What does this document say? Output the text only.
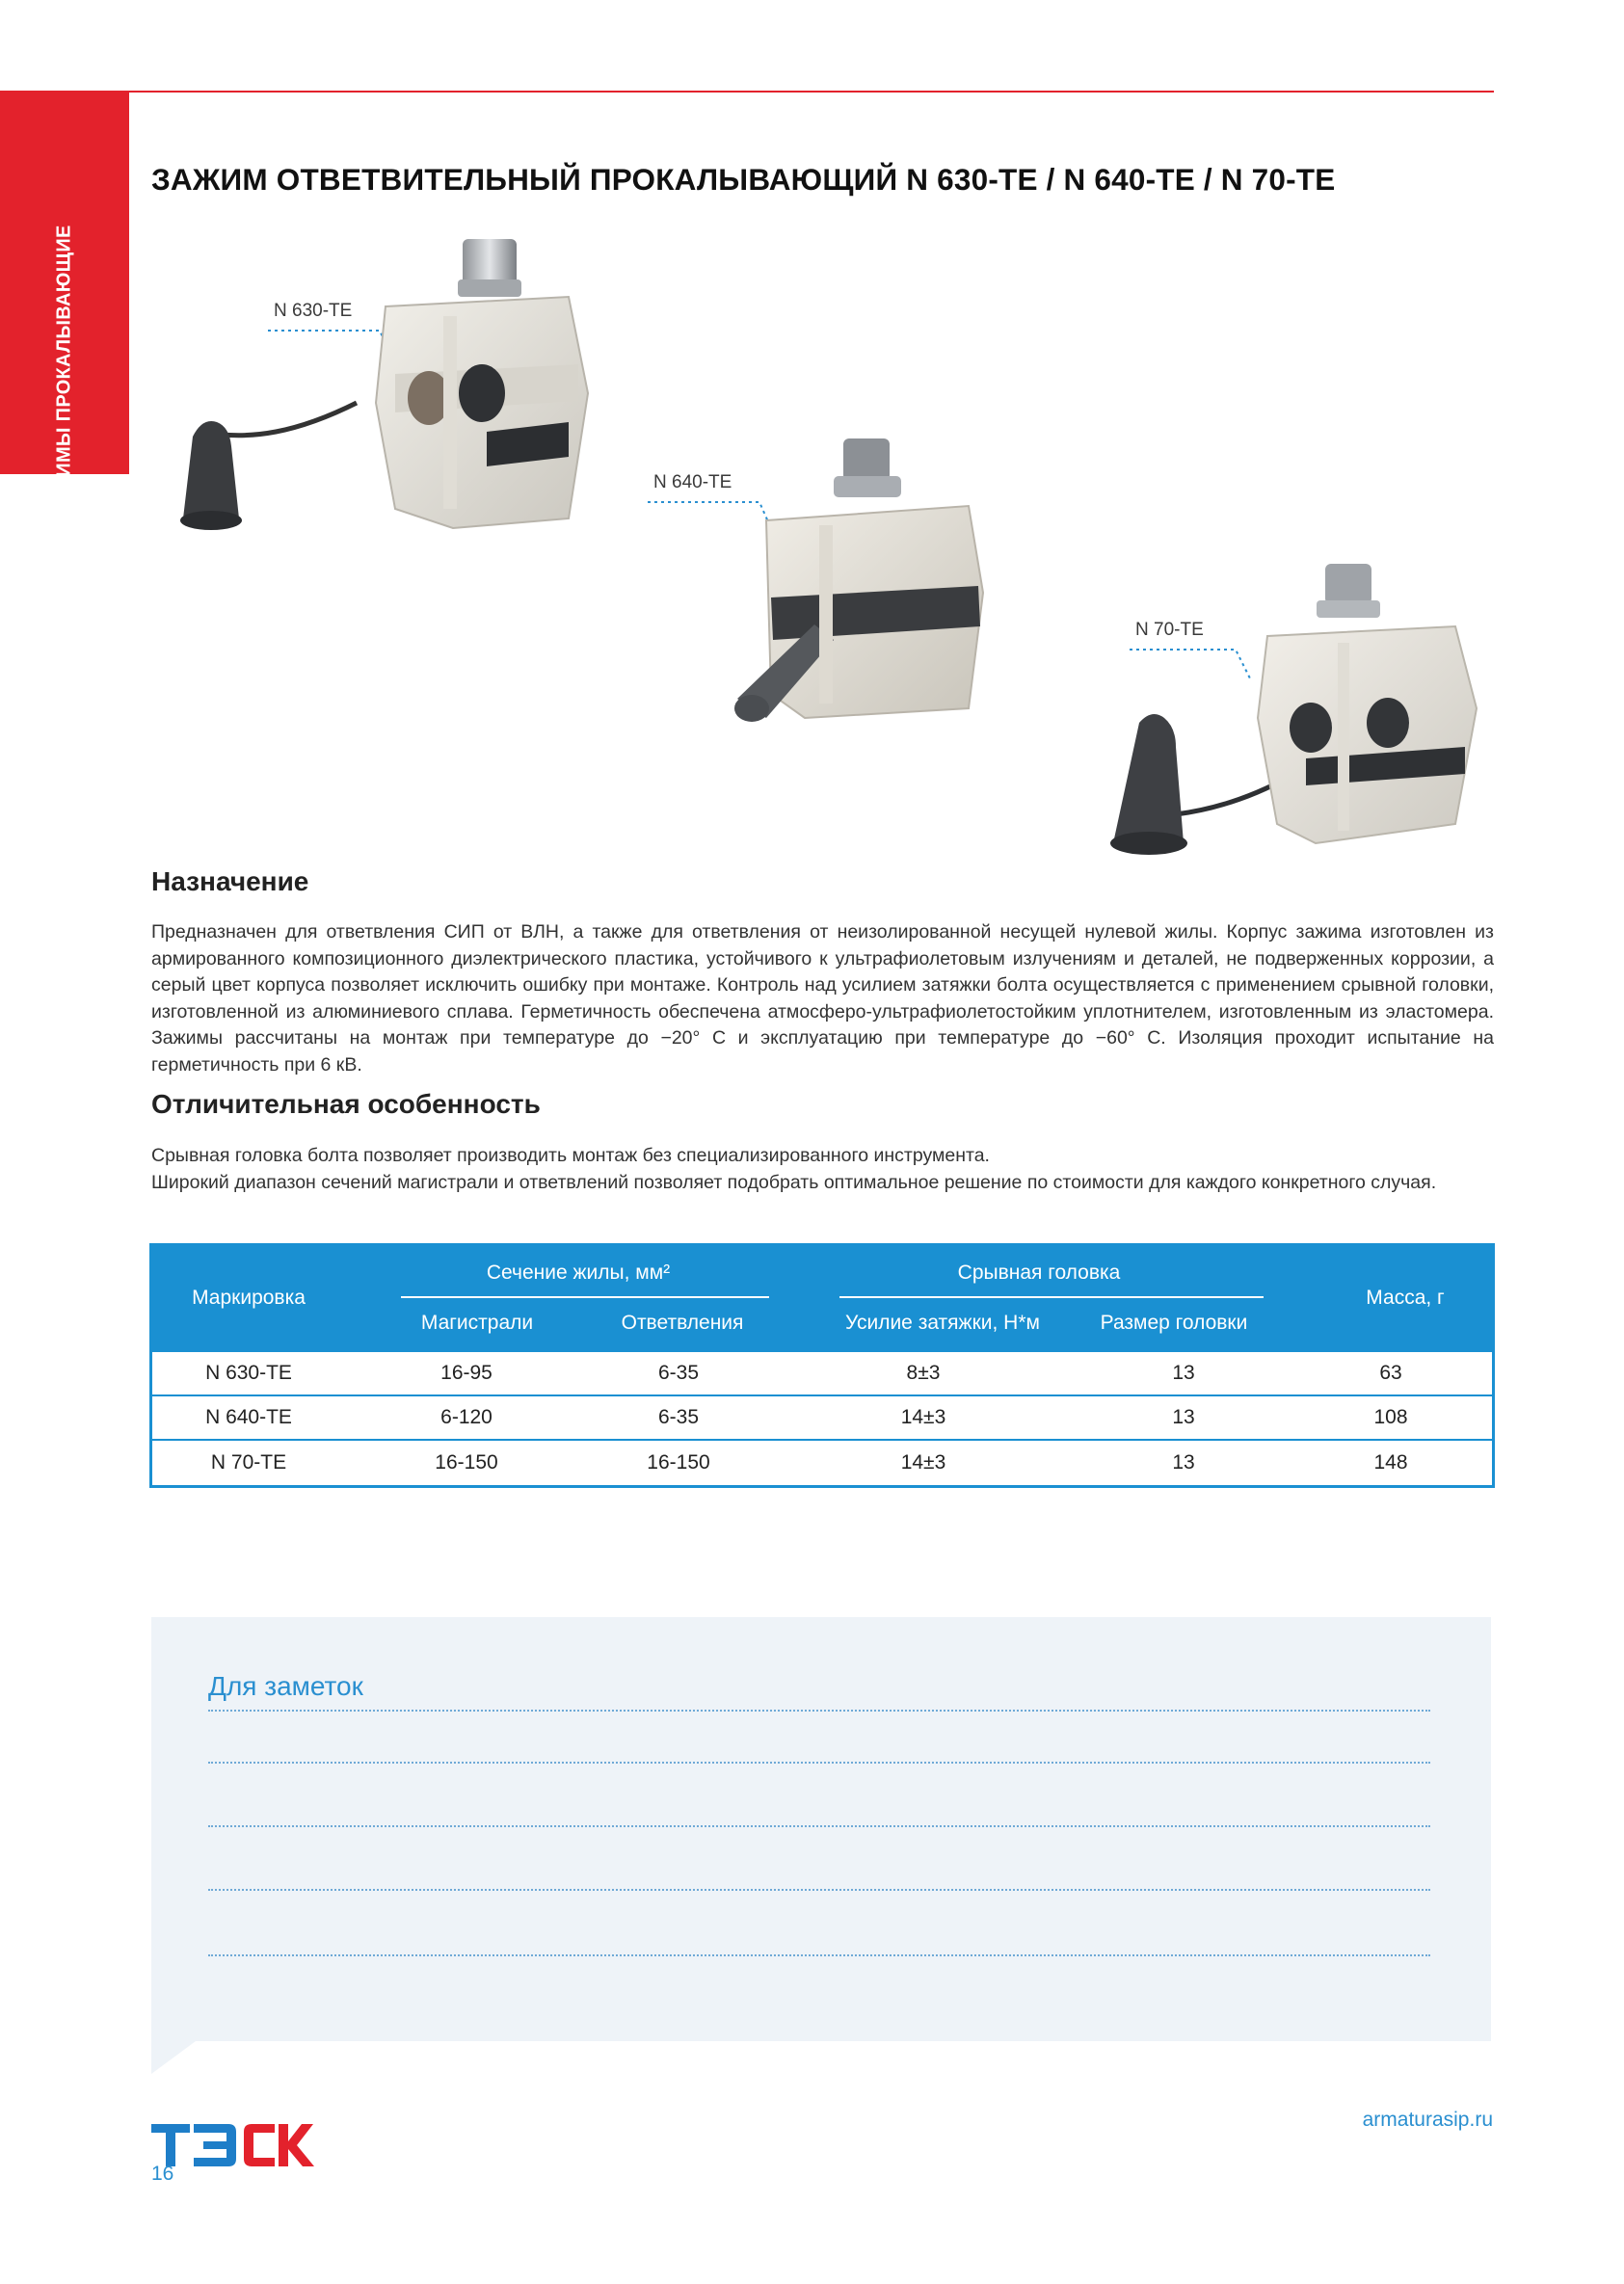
ЗАЖИМЫ ПРОКАЛЫВАЮЩИЕ
ЗАЖИМ ОТВЕТВИТЕЛЬНЫЙ ПРОКАЛЫВАЮЩИЙ N 630-TE / N 640-TE / N 70-TE
N 630-TE
N 640-TE
N 70-TE
Назначение

Предназначен для ответвления СИП от ВЛН, а также для ответвления от неизолированной несущей нулевой жилы. Корпус зажима изготовлен из армированного композиционного диэлектрического пластика, устойчивого к ультрафиолетовым излучениям и деталей, не подверженных коррозии, а серый цвет корпуса позволяет исключить ошибку при монтаже. Контроль над усилием затяжки болта осуществляется с применением срывной головки, изготовленной из алюминиевого сплава. Герметичность обеспечена атмосферо-ультрафиолетостойким уплотнителем, изготовленным из эластомера. Зажимы рассчитаны на монтаж при температуре до −20° С и эксплуатацию при температуре до −60° С. Изоляция проходит испытание на герметичность при 6 кВ.

Отличительная особенность

Срывная головка болта позволяет производить монтаж без специализированного инструмента.

Широкий диапазон сечений магистрали и ответвлений позволяет подобрать оптимальное решение по стоимости для каждого конкретного случая.

Маркировка
Сечение жилы, мм²
Магистрали	Ответвления
Срывная головка
Усилие затяжки, Н*м	Размер головки
Масса, г
N 630-TE	16-95	6-35	8±3	13	63
N 640-TE	6-120	6-35	14±3	13	108
N 70-TE	16-150	16-150	14±3	13	148
Для заметок
armaturasip.ru
16
